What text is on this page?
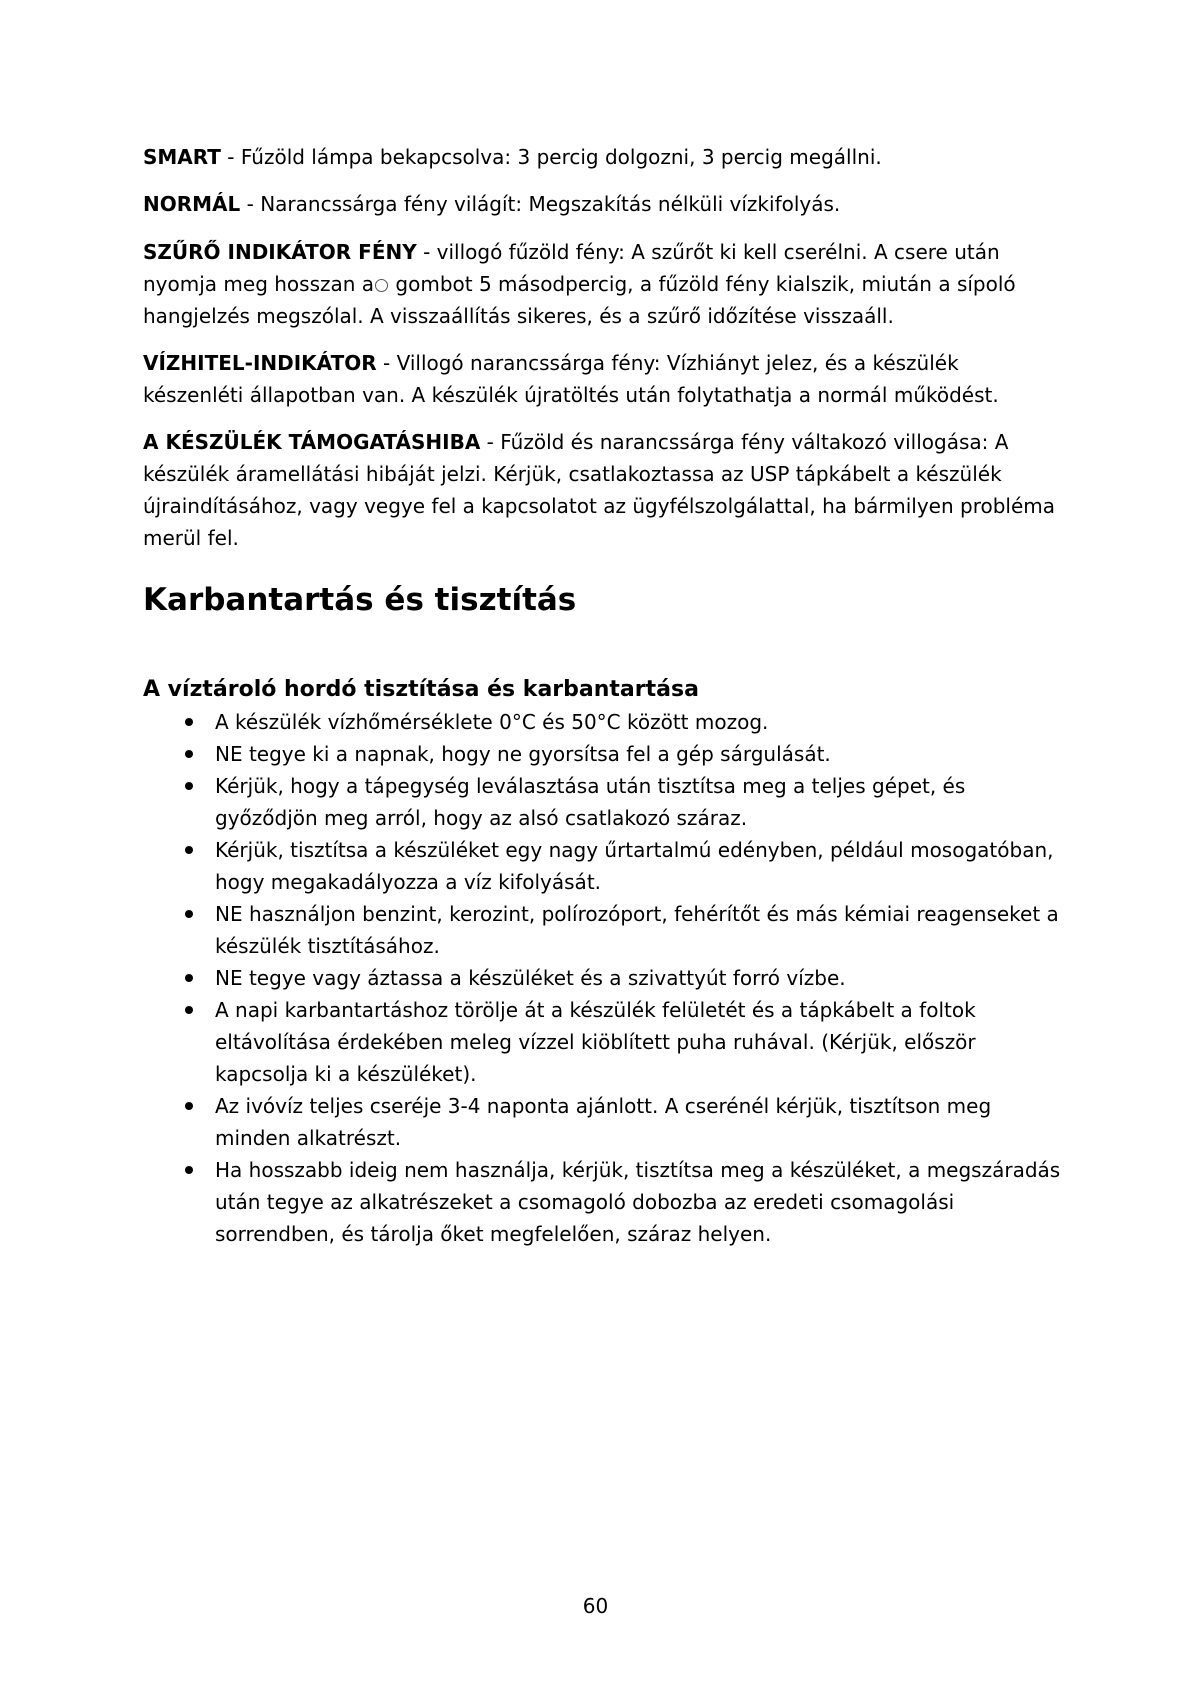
SMART - Fűzöld lámpa bekapcsolva: 3 percig dolgozni, 3 percig megállni.

NORMÁL - Narancssárga fény világít: Megszakítás nélküli vízkifolyás.

SZŰRŐ INDIKÁTOR FÉNY - villogó fűzöld fény: A szűrőt ki kell cserélni. A csere után nyomja meg hosszan a gombot 5 másodpercig, a fűzöld fény kialszik, miután a sípoló hangjelzés megszólal. A visszaállítás sikeres, és a szűrő időzítése visszaáll.

VÍZHITEL-INDIKÁTOR - Villogó narancssárga fény: Vízhiányt jelez, és a készülék készenléti állapotban van. A készülék újratöltés után folytathatja a normál működést.

A KÉSZÜLÉK TÁMOGATÁSHIBA - Fűzöld és narancssárga fény váltakozó villogása: A készülék áramellátási hibáját jelzi. Kérjük, csatlakoztassa az USP tápkábelt a készülék újraindításához, vagy vegye fel a kapcsolatot az ügyfélszolgálattal, ha bármilyen probléma merül fel.

Karbantartás és tisztítás
A víztároló hordó tisztítása és karbantartása
A készülék vízhőmérséklete 0°C és 50°C között mozog.
NE tegye ki a napnak, hogy ne gyorsítsa fel a gép sárgulását.
Kérjük, hogy a tápegység leválasztása után tisztítsa meg a teljes gépet, és győződjön meg arról, hogy az alsó csatlakozó száraz.
Kérjük, tisztítsa a készüléket egy nagy űrtartalmú edényben, például mosogatóban, hogy megakadályozza a víz kifolyását.
NE használjon benzint, kerozint, polírozóport, fehérítőt és más kémiai reagenseket a készülék tisztításához.
NE tegye vagy áztassa a készüléket és a szivattyút forró vízbe.
A napi karbantartáshoz törölje át a készülék felületét és a tápkábelt a foltok eltávolítása érdekében meleg vízzel kiöblített puha ruhával. (Kérjük, először kapcsolja ki a készüléket).
Az ivóvíz teljes cseréje 3-4 naponta ajánlott. A cserénél kérjük, tisztítson meg minden alkatrészt.
Ha hosszabb ideig nem használja, kérjük, tisztítsa meg a készüléket, a megszáradás után tegye az alkatrészeket a csomagoló dobozba az eredeti csomagolási sorrendben, és tárolja őket megfelelően, száraz helyen.
60
